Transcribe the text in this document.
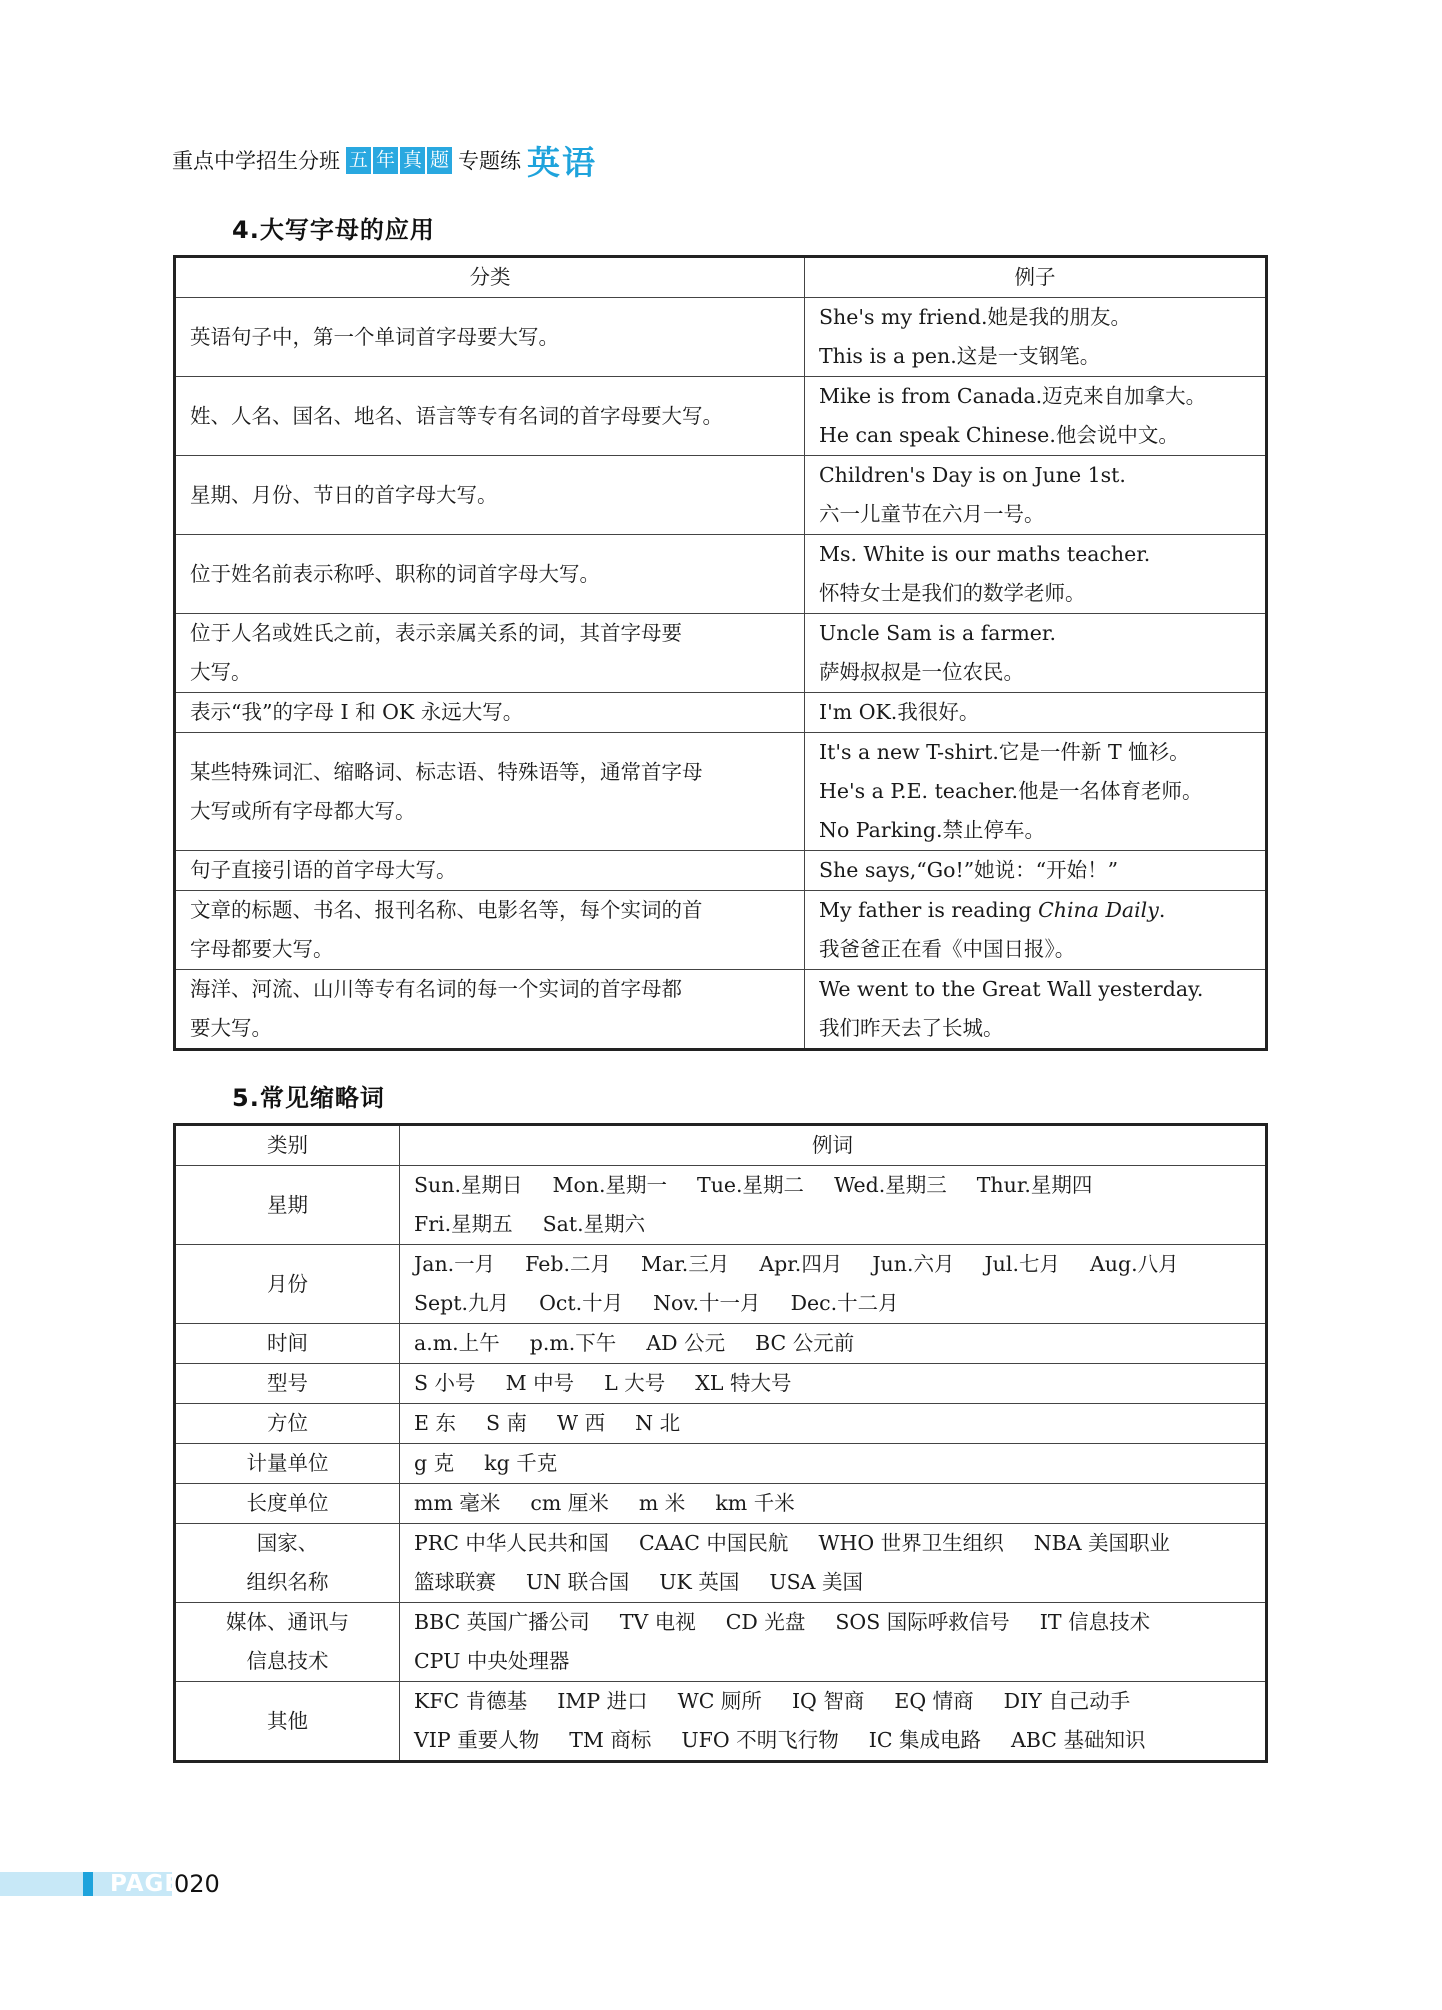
重点中学招生分班 五 年 真 题 专题练 英语
4.大写字母的应用
分类	例子

英语句子中，第一个单词首字母要大写。	She's my friend.她是我的朋友。
This is a pen.这是一支钢笔。

姓、人名、国名、地名、语言等专有名词的首字母要大写。	Mike is from Canada.迈克来自加拿大。
He can speak Chinese.他会说中文。

星期、月份、节日的首字母大写。	Children's Day is on June 1st.
六一儿童节在六月一号。

位于姓名前表示称呼、职称的词首字母大写。	Ms. White is our maths teacher.
怀特女士是我们的数学老师。

位于人名或姓氏之前，表示亲属关系的词，其首字母要
大写。	Uncle Sam is a farmer.
萨姆叔叔是一位农民。

表示“我”的字母 I 和 OK 永远大写。	I'm OK.我很好。

某些特殊词汇、缩略词、标志语、特殊语等，通常首字母
大写或所有字母都大写。	It's a new T-shirt.它是一件新 T 恤衫。
He's a P.E. teacher.他是一名体育老师。
No Parking.禁止停车。

句子直接引语的首字母大写。	She says,“Go!”她说：“开始！”

文章的标题、书名、报刊名称、电影名等，每个实词的首
字母都要大写。	My father is reading China Daily.
我爸爸正在看《中国日报》。

海洋、河流、山川等专有名词的每一个实词的首字母都
要大写。	We went to the Great Wall yesterday.
我们昨天去了长城。
5.常见缩略词
类别	例词

星期	Sun.星期日 Mon.星期一 Tue.星期二 Wed.星期三 Thur.星期四
Fri.星期五 Sat.星期六

月份	Jan.一月 Feb.二月 Mar.三月 Apr.四月 Jun.六月 Jul.七月 Aug.八月
Sept.九月 Oct.十月 Nov.十一月 Dec.十二月

时间	a.m.上午 p.m.下午 AD 公元 BC 公元前

型号	S 小号 M 中号 L 大号 XL 特大号

方位	E 东 S 南 W 西 N 北

计量单位	g 克 kg 千克

长度单位	mm 毫米 cm 厘米 m 米 km 千米

国家、
组织名称	PRC 中华人民共和国 CAAC 中国民航 WHO 世界卫生组织 NBA 美国职业
篮球联赛 UN 联合国 UK 英国 USA 美国

媒体、通讯与
信息技术	BBC 英国广播公司 TV 电视 CD 光盘 SOS 国际呼救信号 IT 信息技术
CPU 中央处理器

其他	KFC 肯德基 IMP 进口 WC 厕所 IQ 智商 EQ 情商 DIY 自己动手
VIP 重要人物 TM 商标 UFO 不明飞行物 IC 集成电路 ABC 基础知识
PAGE
020
